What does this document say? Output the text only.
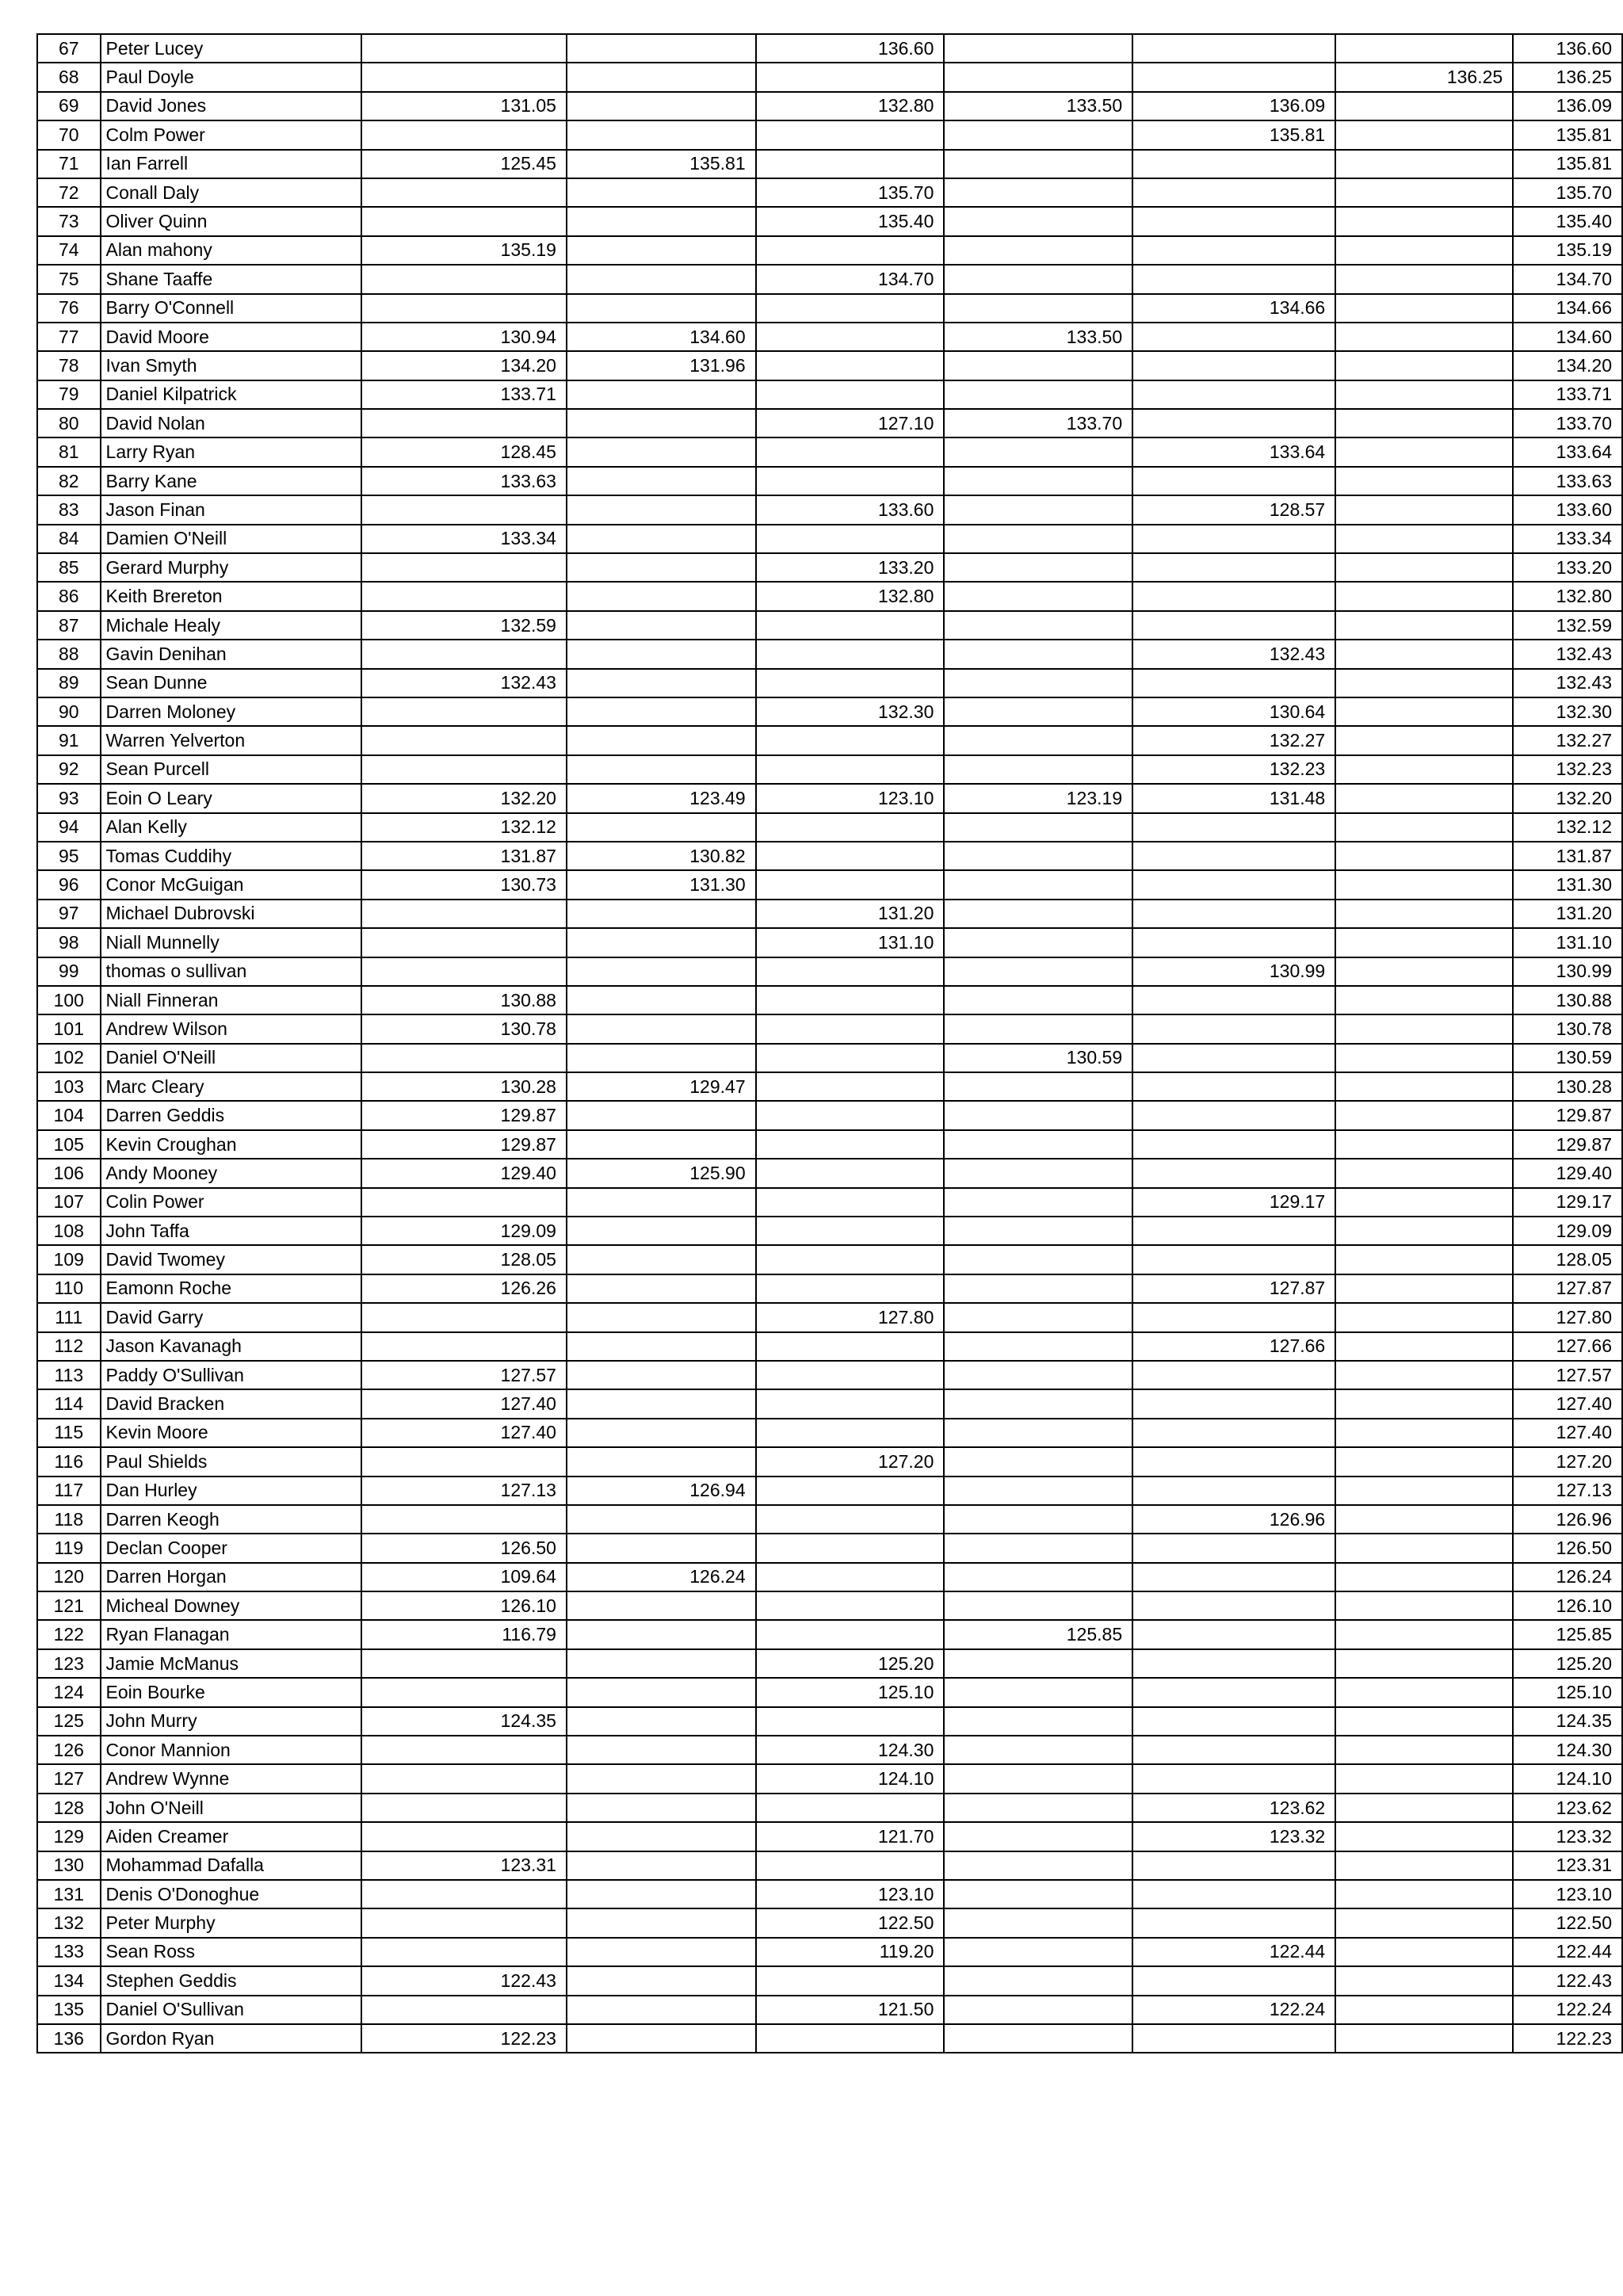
67	Peter Lucey			136.60				136.60
68	Paul Doyle						136.25	136.25
69	David Jones	131.05		132.80	133.50	136.09		136.09
70	Colm Power					135.81		135.81
71	Ian Farrell	125.45	135.81					135.81
72	Conall Daly			135.70				135.70
73	Oliver Quinn			135.40				135.40
74	Alan mahony	135.19						135.19
75	Shane Taaffe			134.70				134.70
76	Barry O'Connell					134.66		134.66
77	David Moore	130.94	134.60		133.50			134.60
78	Ivan Smyth	134.20	131.96					134.20
79	Daniel Kilpatrick	133.71						133.71
80	David Nolan			127.10	133.70			133.70
81	Larry Ryan	128.45				133.64		133.64
82	Barry Kane	133.63						133.63
83	Jason Finan			133.60		128.57		133.60
84	Damien O'Neill	133.34						133.34
85	Gerard Murphy			133.20				133.20
86	Keith Brereton			132.80				132.80
87	Michale Healy	132.59						132.59
88	Gavin Denihan					132.43		132.43
89	Sean Dunne	132.43						132.43
90	Darren Moloney			132.30		130.64		132.30
91	Warren Yelverton					132.27		132.27
92	Sean Purcell					132.23		132.23
93	Eoin O Leary	132.20	123.49	123.10	123.19	131.48		132.20
94	Alan Kelly	132.12						132.12
95	Tomas Cuddihy	131.87	130.82					131.87
96	Conor McGuigan	130.73	131.30					131.30
97	Michael Dubrovski			131.20				131.20
98	Niall Munnelly			131.10				131.10
99	thomas o sullivan					130.99		130.99
100	Niall Finneran	130.88						130.88
101	Andrew Wilson	130.78						130.78
102	Daniel O'Neill				130.59			130.59
103	Marc Cleary	130.28	129.47					130.28
104	Darren Geddis	129.87						129.87
105	Kevin Croughan	129.87						129.87
106	Andy Mooney	129.40	125.90					129.40
107	Colin Power					129.17		129.17
108	John Taffa	129.09						129.09
109	David Twomey	128.05						128.05
110	Eamonn Roche	126.26				127.87		127.87
111	David Garry			127.80				127.80
112	Jason Kavanagh					127.66		127.66
113	Paddy O'Sullivan	127.57						127.57
114	David Bracken	127.40						127.40
115	Kevin Moore	127.40						127.40
116	Paul Shields			127.20				127.20
117	Dan Hurley	127.13	126.94					127.13
118	Darren Keogh					126.96		126.96
119	Declan Cooper	126.50						126.50
120	Darren Horgan	109.64	126.24					126.24
121	Micheal Downey	126.10						126.10
122	Ryan Flanagan	116.79			125.85			125.85
123	Jamie McManus			125.20				125.20
124	Eoin Bourke			125.10				125.10
125	John Murry	124.35						124.35
126	Conor Mannion			124.30				124.30
127	Andrew Wynne			124.10				124.10
128	John O'Neill					123.62		123.62
129	Aiden Creamer			121.70		123.32		123.32
130	Mohammad Dafalla	123.31						123.31
131	Denis O'Donoghue			123.10				123.10
132	Peter Murphy			122.50				122.50
133	Sean Ross			119.20		122.44		122.44
134	Stephen Geddis	122.43						122.43
135	Daniel O'Sullivan			121.50		122.24		122.24
136	Gordon Ryan	122.23						122.23
